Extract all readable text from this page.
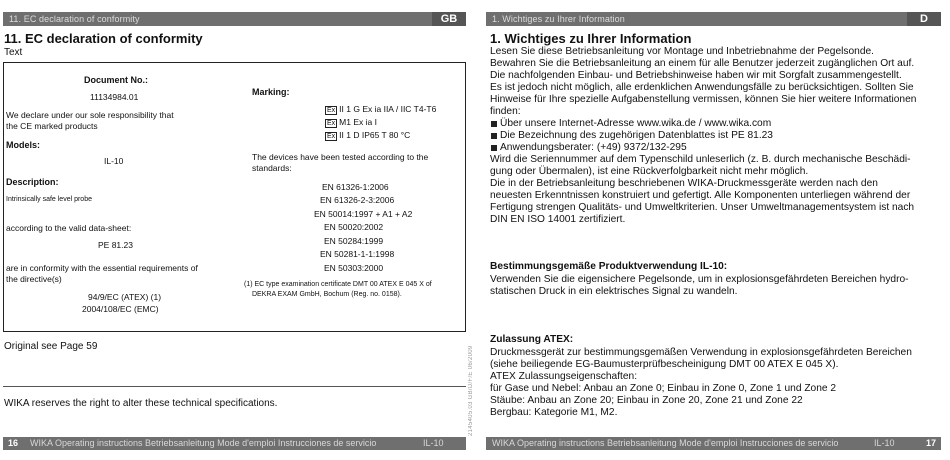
11. EC declaration of conformity	GB
11. EC declaration of conformity
Text
Document No.:
11134984.01
We declare under our sole responsibility that
the CE marked products
Models:
IL-10
Description:
Intrinsically safe level probe
according to the valid data-sheet:
PE 81.23
are in conformity with the essential requirements of
the directive(s)
94/9/EC (ATEX) (1)
2004/108/EC (EMC)
Marking:
Ex II 1 G Ex ia IIA / IIC T4-T6
Ex M1 Ex ia I
Ex II 1 D IP65 T 80 °C
The devices have been tested according to the
standards:
EN 61326-1:2006
EN 61326-2-3:2006
EN 50014:1997 + A1 + A2
EN 50020:2002
EN 50284:1999
EN 50281-1-1:1998
EN 50303:2000
(1) EC type examination certificate DMT 00 ATEX E 045 X of
DEKRA EXAM GmbH, Bochum (Reg. no. 0158).
Original see Page 59
WIKA reserves the right to alter these technical specifications.
16 WIKA Operating instructions Betriebsanleitung Mode d'emploi Instrucciones de servicio	IL-10
2145405.03 GB/D/F/E 06/2009
1. Wichtiges zu Ihrer Information	D
1. Wichtiges zu Ihrer Information

Lesen Sie diese Betriebsanleitung vor Montage und Inbetriebnahme der Pegelsonde.

Bewahren Sie die Betriebsanleitung an einem für alle Benutzer jederzeit zugänglichen Ort auf.

Die nachfolgenden Einbau- und Betriebshinweise haben wir mit Sorgfalt zusammengestellt.

Es ist jedoch nicht möglich, alle erdenklichen Anwendungsfälle zu berücksichtigen. Sollten Sie

Hinweise für Ihre spezielle Aufgabenstellung vermissen, können Sie hier weitere Informationen

finden:

Über unsere Internet-Adresse www.wika.de / www.wika.com
Die Bezeichnung des zugehörigen Datenblattes ist PE 81.23
Anwendungsberater: (+49) 9372/132-295

Wird die Seriennummer auf dem Typenschild unleserlich (z. B. durch mechanische Beschädi-

gung oder Übermalen), ist eine Rückverfolgbarkeit nicht mehr möglich.

Die in der Betriebsanleitung beschriebenen WIKA-Druckmessgeräte werden nach den

neuesten Erkenntnissen konstruiert und gefertigt. Alle Komponenten unterliegen während der

Fertigung strengen Qualitäts- und Umweltkriterien. Unser Umweltmanagementsystem ist nach

DIN EN ISO 14001 zertifiziert.

Bestimmungsgemäße Produktverwendung IL-10:

Verwenden Sie die eigensichere Pegelsonde, um in explosionsgefährdeten Bereichen hydro-

statischen Druck in ein elektrisches Signal zu wandeln.

Zulassung ATEX:

Druckmessgerät zur bestimmungsgemäßen Verwendung in explosionsgefährdeten Bereichen

(siehe beiliegende EG-Baumusterprüfbescheinigung DMT 00 ATEX E 045 X).

ATEX Zulassungseigenschaften:

für Gase und Nebel: Anbau an Zone 0; Einbau in Zone 0, Zone 1 und Zone 2

Stäube: Anbau an Zone 20; Einbau in Zone 20, Zone 21 und Zone 22

Bergbau: Kategorie M1, M2.

WIKA Operating instructions Betriebsanleitung Mode d'emploi Instrucciones de servicio	IL-10	17
